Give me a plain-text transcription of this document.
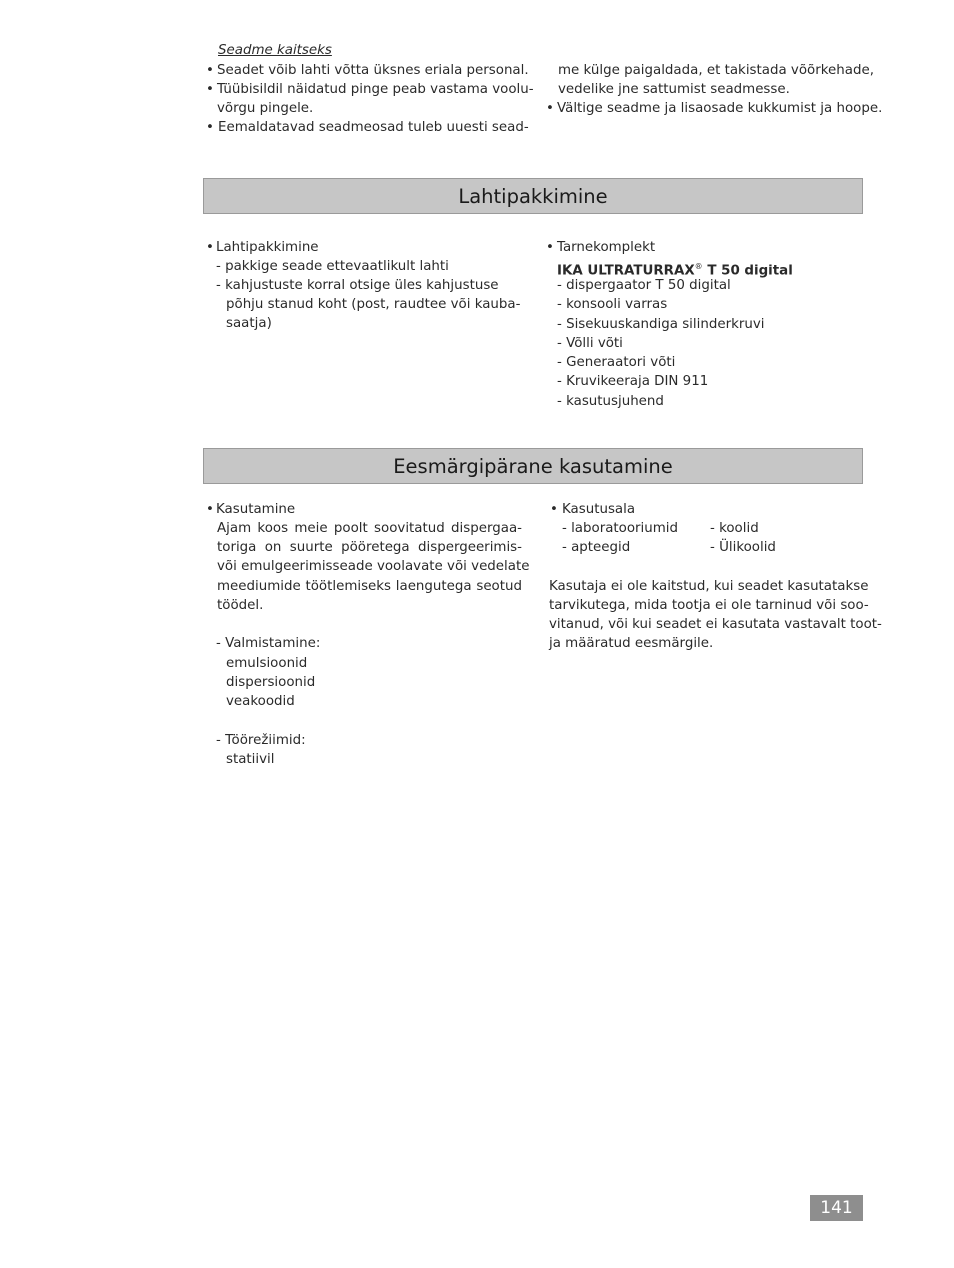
Seadme kaitseks
• Seadet võib lahti võtta üksnes eriala personal.
• Tüübisildil näidatud pinge peab vastama voolu-
võrgu pingele.
• Eemaldatavad seadmeosad tuleb uuesti sead-
me külge paigaldada, et takistada võõrkehade,
vedelike jne sattumist seadmesse.
• Vältige seadme ja lisaosade kukkumist ja hoope.
Lahtipakkimine
• Lahtipakkimine
- pakkige seade ettevaatlikult lahti
- kahjustuste korral otsige üles kahjustuse
põhju stanud koht (post, raudtee või kauba-
saatja)
• Tarnekomplekt
IKA ULTRATURRAX® T 50 digital
- dispergaator T 50 digital
- konsooli varras
- Sisekuuskandiga silinderkruvi
- Võlli võti
- Generaatori võti
- Kruvikeeraja DIN 911
- kasutusjuhend
Eesmärgipärane kasutamine
• Kasutamine
Ajam koos meie poolt soovitatud dispergaa-
toriga on suurte pööretega dispergeerimis-
või emulgeerimisseade voolavate või vedelate
meediumide töötlemiseks laengutega seotud
töödel.
- Valmistamine:
emulsioonid
dispersioonid
veakoodid
- Töörežiimid:
statiivil
• Kasutusala
- laboratooriumid
- apteegid
- koolid
- Ülikoolid
Kasutaja ei ole kaitstud, kui seadet kasutatakse
tarvikutega, mida tootja ei ole tarninud või soo-
vitanud, või kui seadet ei kasutata vastavalt toot-
ja määratud eesmärgile.
141
